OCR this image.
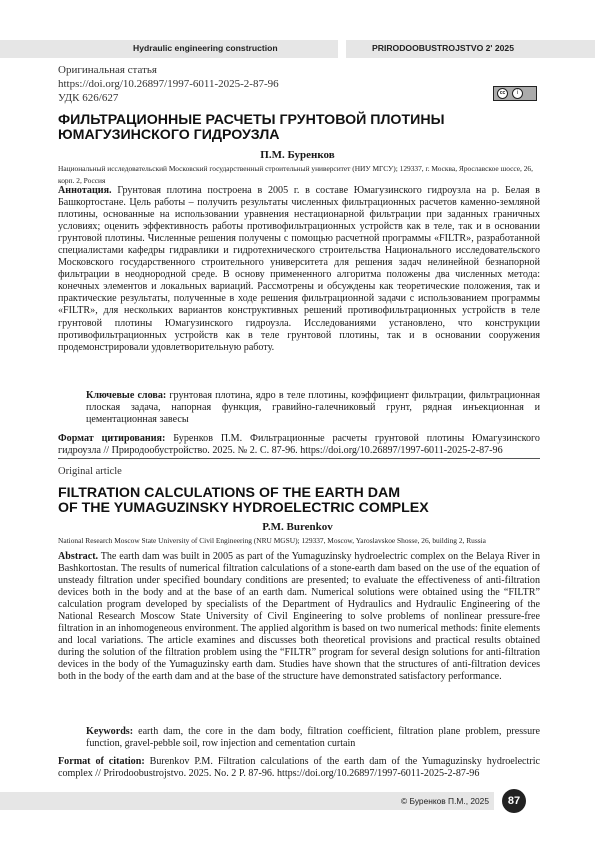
Hydraulic engineering construction	PRIRODOOBUSTROJSTVO 2' 2025
Оригинальная статья
https://doi.org/10.26897/1997-6011-2025-2-87-96
УДК 626/627	cc	i
ФИЛЬТРАЦИОННЫЕ РАСЧЕТЫ ГРУНТОВОЙ ПЛОТИНЫ
ЮМАГУЗИНСКОГО ГИДРОУЗЛА
П.М. Буренков
Национальный исследовательский Московский государственный строительный университет (НИУ МГСУ); 129337, г. Москва, Ярославское шоссе, 26, корп. 2, Россия
Аннотация. Грунтовая плотина построена в 2005 г. в составе Юмагузинского гидроузла на р. Белая в Башкортостане. Цель работы – получить результаты численных фильтрационных расчетов каменно-земляной плотины, основанные на использовании уравнения нестационарной фильтрации при заданных граничных условиях; оценить эффективность работы противофильтрационных устройств как в теле, так и в основании грунтовой плотины. Численные решения получены с помощью расчетной программы «FILTR», разработанной специалистами кафедры гидравлики и гидротехнического строительства Национального исследовательского Московского государственного строительного университета для решения задач нелинейной безнапорной фильтрации в неоднородной среде. В основу примененного алгоритма положены два численных метода: конечных элементов и локальных вариаций. Рассмотрены и обсуждены как теоретические положения, так и практические результаты, полученные в ходе решения фильтрационной задачи с использованием программы «FILTR», для нескольких вариантов конструктивных решений противофильтрационных устройств в теле грунтовой плотины Юмагузинского гидроузла. Исследованиями установлено, что конструкции противофильтрационных устройств как в теле грунтовой плотины, так и в основании сооружения продемонстрировали удовлетворительную работу.
Ключевые слова: грунтовая плотина, ядро в теле плотины, коэффициент фильтрации, фильтрационная плоская задача, напорная функция, гравийно-галечниковый грунт, рядная инъекционная и цементационная завесы
Формат цитирования: Буренков П.М. Фильтрационные расчеты грунтовой плотины Юмагузинского гидроузла // Природообустройство. 2025. № 2. С. 87-96. https://doi.org/10.26897/1997-6011-2025-2-87-96
Original article
FILTRATION CALCULATIONS OF THE EARTH DAM
OF THE YUMAGUZINSKY HYDROELECTRIC COMPLEX
P.M. Burenkov
National Research Moscow State University of Civil Engineering (NRU MGSU); 129337, Moscow, Yaroslavskoe Shosse, 26, building 2, Russia
Abstract. The earth dam was built in 2005 as part of the Yumaguzinsky hydroelectric complex on the Belaya River in Bashkortostan. The results of numerical filtration calculations of a stone-earth dam based on the use of the equation of unsteady filtration under specified boundary conditions are presented; to evaluate the effectiveness of anti-filtration devices both in the body and at the base of an earth dam. Numerical solutions were obtained using the “FILTR” calculation program developed by specialists of the Department of Hydraulics and Hydraulic Engineering of the National Research Moscow State University of Civil Engineering to solve problems of nonlinear pressure-free filtration in an inhomogeneous environment. The applied algorithm is based on two numerical methods: finite elements and local variations. The article examines and discusses both theoretical provisions and practical results obtained during the solution of the filtration problem using the “FILTR” program for several design solutions for anti-filtration devices in the body of the Yumaguzinsky earth dam. Studies have shown that the structures of anti-filtration devices both in the body of the earth dam and at the base of the structure have demonstrated satisfactory performance.
Keywords: earth dam, the core in the dam body, filtration coefficient, filtration plane problem, pressure function, gravel-pebble soil, row injection and cementation curtain
Format of citation: Burenkov P.M. Filtration calculations of the earth dam of the Yumaguzinsky hydroelectric complex // Prirodoobustrojstvo. 2025. No. 2 P. 87-96. https://doi.org/10.26897/1997-6011-2025-2-87-96
© Буренков П.М., 2025	87
